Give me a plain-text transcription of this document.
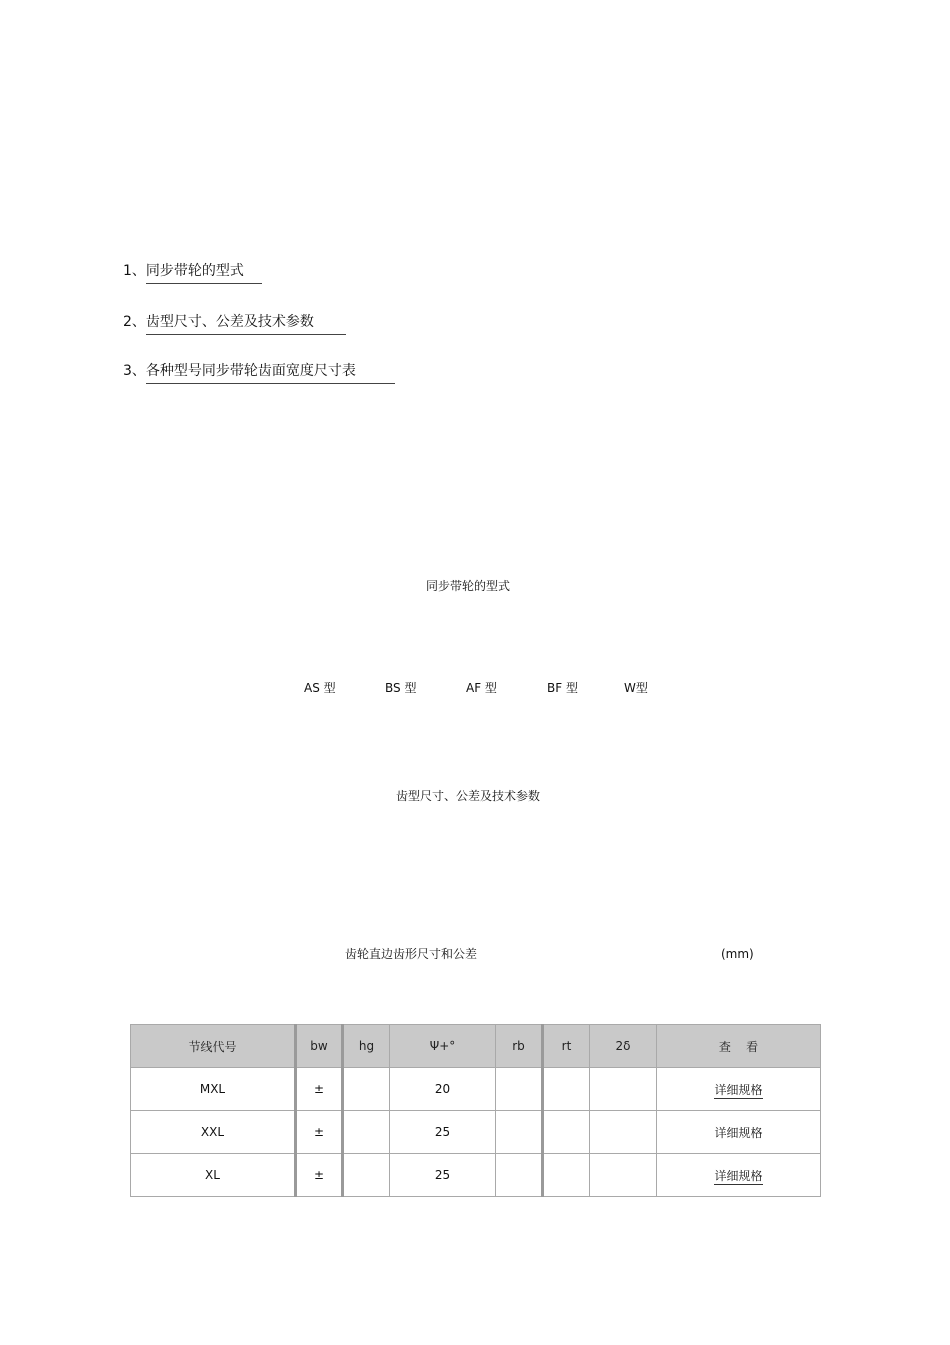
1、同步带轮的型式
2、齿型尺寸、公差及技术参数
3、各种型号同步带轮齿面宽度尺寸表
同步带轮的型式
AS 型	BS 型	AF 型	BF 型	W型
齿型尺寸、公差及技术参数
齿轮直边齿形尺寸和公差	(mm)
节线代号	bw	hg	Ψ+°	rb	rt	2δ	查    看
MXL	±		20				详细规格
XXL	±		25				详细规格
XL	±		25				详细规格
